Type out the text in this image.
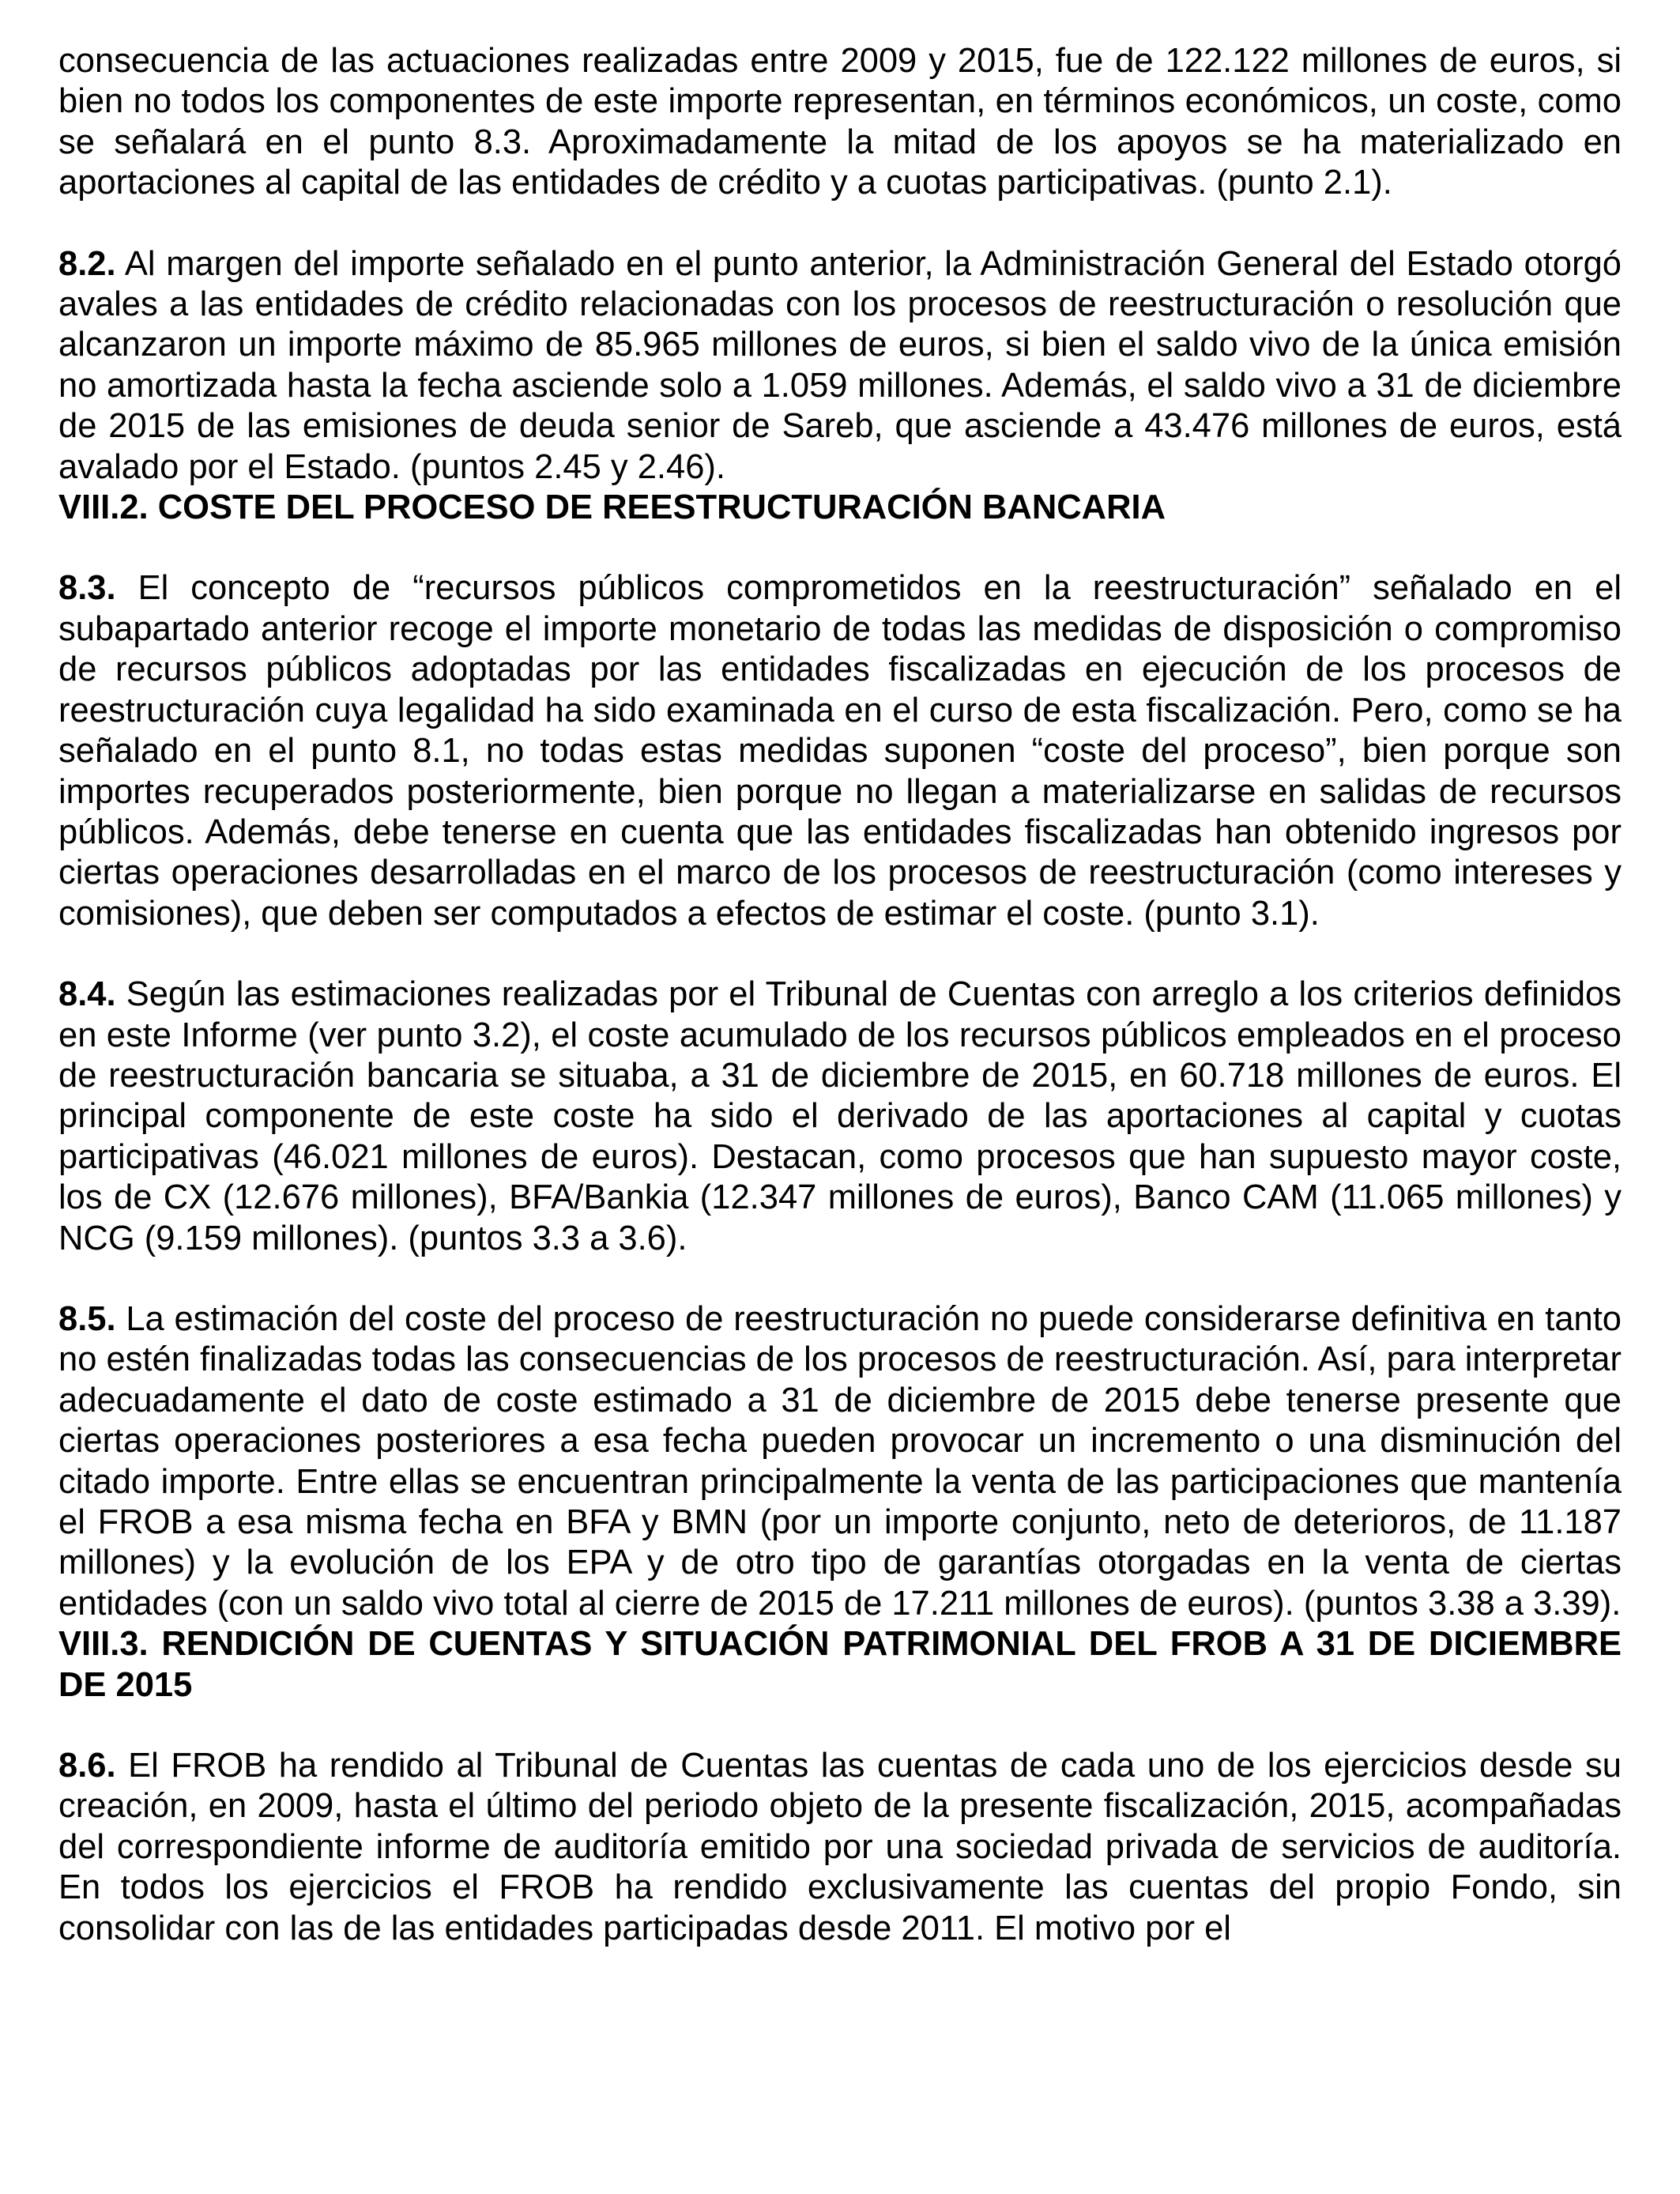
consecuencia de las actuaciones realizadas entre 2009 y 2015, fue de 122.122 millones de euros, si bien no todos los componentes de este importe representan, en términos económicos, un coste, como se señalará en el punto 8.3. Aproximadamente la mitad de los apoyos se ha materializado en aportaciones al capital de las entidades de crédito y a cuotas participativas. (punto 2.1).

8.2. Al margen del importe señalado en el punto anterior, la Administración General del Estado otorgó avales a las entidades de crédito relacionadas con los procesos de reestructuración o resolución que alcanzaron un importe máximo de 85.965 millones de euros, si bien el saldo vivo de la única emisión no amortizada hasta la fecha asciende solo a 1.059 millones. Además, el saldo vivo a 31 de diciembre de 2015 de las emisiones de deuda senior de Sareb, que asciende a 43.476 millones de euros, está avalado por el Estado. (puntos 2.45 y 2.46).

VIII.2. COSTE DEL PROCESO DE REESTRUCTURACIÓN BANCARIA

8.3. El concepto de “recursos públicos comprometidos en la reestructuración” señalado en el subapartado anterior recoge el importe monetario de todas las medidas de disposición o compromiso de recursos públicos adoptadas por las entidades fiscalizadas en ejecución de los procesos de reestructuración cuya legalidad ha sido examinada en el curso de esta fiscalización. Pero, como se ha señalado en el punto 8.1, no todas estas medidas suponen “coste del proceso”, bien porque son importes recuperados posteriormente, bien porque no llegan a materializarse en salidas de recursos públicos. Además, debe tenerse en cuenta que las entidades fiscalizadas han obtenido ingresos por ciertas operaciones desarrolladas en el marco de los procesos de reestructuración (como intereses y comisiones), que deben ser computados a efectos de estimar el coste. (punto 3.1).

8.4. Según las estimaciones realizadas por el Tribunal de Cuentas con arreglo a los criterios definidos en este Informe (ver punto 3.2), el coste acumulado de los recursos públicos empleados en el proceso de reestructuración bancaria se situaba, a 31 de diciembre de 2015, en 60.718 millones de euros. El principal componente de este coste ha sido el derivado de las aportaciones al capital y cuotas participativas (46.021 millones de euros). Destacan, como procesos que han supuesto mayor coste, los de CX (12.676 millones), BFA/Bankia (12.347 millones de euros), Banco CAM (11.065 millones) y NCG (9.159 millones). (puntos 3.3 a 3.6).

8.5. La estimación del coste del proceso de reestructuración no puede considerarse definitiva en tanto no estén finalizadas todas las consecuencias de los procesos de reestructuración. Así, para interpretar adecuadamente el dato de coste estimado a 31 de diciembre de 2015 debe tenerse presente que ciertas operaciones posteriores a esa fecha pueden provocar un incremento o una disminución del citado importe. Entre ellas se encuentran principalmente la venta de las participaciones que mantenía el FROB a esa misma fecha en BFA y BMN (por un importe conjunto, neto de deterioros, de 11.187 millones) y la evolución de los EPA y de otro tipo de garantías otorgadas en la venta de ciertas entidades (con un saldo vivo total al cierre de 2015 de 17.211 millones de euros). (puntos 3.38 a 3.39).

VIII.3. RENDICIÓN DE CUENTAS Y SITUACIÓN PATRIMONIAL DEL FROB A 31 DE DICIEMBRE DE 2015

8.6. El FROB ha rendido al Tribunal de Cuentas las cuentas de cada uno de los ejercicios desde su creación, en 2009, hasta el último del periodo objeto de la presente fiscalización, 2015, acompañadas del correspondiente informe de auditoría emitido por una sociedad privada de servicios de auditoría. En todos los ejercicios el FROB ha rendido exclusivamente las cuentas del propio Fondo, sin consolidar con las de las entidades participadas desde 2011. El motivo por el
